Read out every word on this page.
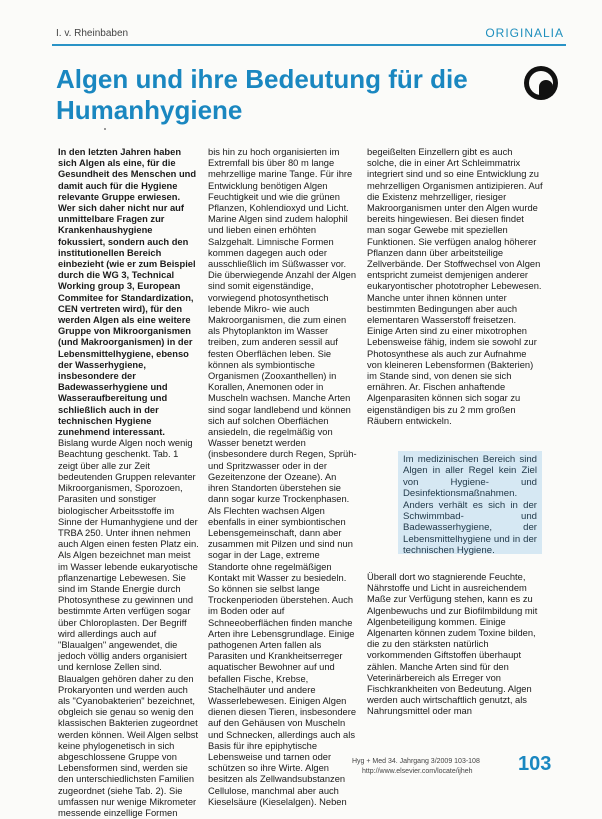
I. v. Rheinbaben	ORIGINALIA
Algen und ihre Bedeutung für die Humanhygiene

In den letzten Jahren haben sich Algen als eine, für die Gesundheit des Menschen und damit auch für die Hygiene relevante Gruppe erwiesen. Wer sich daher nicht nur auf unmittelbare Fragen zur Krankenhaushygiene fokussiert, sondern auch den institutionellen Bereich einbezieht (wie er zum Beispiel durch die WG 3, Technical Working group 3, European Commitee for Standardization, CEN vertreten wird), für den werden Algen als eine weitere Gruppe von Mikroorganismen (und Makroorganismen) in der Lebensmittelhygiene, ebenso der Wasserhygiene, insbesondere der Badewasserhygiene und Wasseraufbereitung und schließlich auch in der technischen Hygiene zunehmend interessant.

Bislang wurde Algen noch wenig Beachtung geschenkt. Tab. 1 zeigt über alle zur Zeit bedeutenden Gruppen relevanter Mikroorganismen, Sporozoen, Parasiten und sonstiger biologischer Arbeitsstoffe im Sinne der Humanhygiene und der TRBA 250. Unter ihnen nehmen auch Algen einen festen Platz ein. Als Algen bezeichnet man meist im Wasser lebende eukaryotische pflanzenartige Lebewesen. Sie sind im Stande Energie durch Photosynthese zu gewinnen und bestimmte Arten verfügen sogar über Chloroplasten. Der Begriff wird allerdings auch auf "Blaualgen" angewendet, die jedoch völlig anders organisiert und kernlose Zellen sind. Blaualgen gehören daher zu den Prokaryonten und werden auch als "Cyanobakterien" bezeichnet, obgleich sie genau so wenig den klassischen Bakterien zugeordnet werden können. Weil Algen selbst keine phylogenetisch in sich abgeschlossene Gruppe von Lebensformen sind, werden sie den unterschiedlichsten Familien zugeordnet (siehe Tab. 2). Sie umfassen nur wenige Mikrometer messende einzellige Formen

bis hin zu hoch organisierten im Extremfall bis über 80 m lange mehrzellige marine Tange. Für ihre Entwicklung benötigen Algen Feuchtigkeit und wie die grünen Pflanzen, Kohlendioxyd und Licht. Marine Algen sind zudem halophil und lieben einen erhöhten Salzgehalt. Limnische Formen kommen dagegen auch oder ausschließlich im Süßwasser vor. Die überwiegende Anzahl der Algen sind somit eigenständige, vorwiegend photosynthetisch lebende Mikro- wie auch Makroorganismen, die zum einen als Phytoplankton im Wasser treiben, zum anderen sessil auf festen Oberflächen leben. Sie können als symbiontische Organismen (Zooxanthellen) in Korallen, Anemonen oder in Muscheln wachsen. Manche Arten sind sogar landlebend und können sich auf solchen Oberflächen ansiedeln, die regelmäßig von Wasser benetzt werden (insbesondere durch Regen, Sprüh- und Spritzwasser oder in der Gezeitenzone der Ozeane). An ihren Standorten überstehen sie dann sogar kurze Trockenphasen. Als Flechten wachsen Algen ebenfalls in einer symbiontischen Lebensgemeinschaft, dann aber zusammen mit Pilzen und sind nun sogar in der Lage, extreme Standorte ohne regelmäßigen Kontakt mit Wasser zu besiedeln. So können sie selbst lange Trockenperioden überstehen. Auch im Boden oder auf Schneeoberflächen finden manche Arten ihre Lebensgrundlage. Einige pathogenen Arten fallen als Parasiten und Krankheitserreger aquatischer Bewohner auf und befallen Fische, Krebse, Stachelhäuter und andere Wasserlebewesen. Einigen Algen dienen diesen Tieren, insbesondere auf den Gehäusen von Muscheln und Schnecken, allerdings auch als Basis für ihre epiphytische Lebensweise und tarnen oder schützen so ihre Wirte. Algen besitzen als Zellwandsubstanzen Cellulose, manchmal aber auch Kieselsäure (Kieselalgen). Neben

begeißelten Einzellern gibt es auch solche, die in einer Art Schleimmatrix integriert sind und so eine Entwicklung zu mehrzelligen Organismen antizipieren. Auf die Existenz mehrzelliger, riesiger Makroorganismen unter den Algen wurde bereits hingewiesen. Bei diesen findet man sogar Gewebe mit speziellen Funktionen. Sie verfügen analog höherer Pflanzen dann über arbeitsteilige Zellverbände. Der Stoffwechsel von Algen entspricht zumeist demjenigen anderer eukaryontischer phototropher Lebewesen. Manche unter ihnen können unter bestimmten Bedingungen aber auch elementaren Wasserstoff freisetzen. Einige Arten sind zu einer mixotrophen Lebensweise fähig, indem sie sowohl zur Photosynthese als auch zur Aufnahme von kleineren Lebensformen (Bakterien) im Stande sind, von denen sie sich ernähren. Ar. Fischen anhaftende Algenparasiten können sich sogar zu eigenständigen bis zu 2 mm großen Räubern entwickeln.

Im medizinischen Bereich sind Algen in aller Regel kein Ziel von Hygiene- und Desinfektionsmaßnahmen. Anders verhält es sich in der Schwimmbad- und Badewasserhygiene, der Lebensmittelhygiene und in der technischen Hygiene.

Überall dort wo stagnierende Feuchte, Nährstoffe und Licht in ausreichendem Maße zur Verfügung stehen, kann es zu Algenbewuchs und zur Biofilmbildung mit Algenbeteiligung kommen. Einige Algenarten können zudem Toxine bilden, die zu den stärksten natürlich vorkommenden Giftstoffen überhaupt zählen. Manche Arten sind für den Veterinärbereich als Erreger von Fischkrankheiten von Bedeutung. Algen werden auch wirtschaftlich genutzt, als Nahrungsmittel oder man

Hyg + Med 34. Jahrgang 3/2009 103-108
http://www.elsevier.com/locate/ijheh 103
